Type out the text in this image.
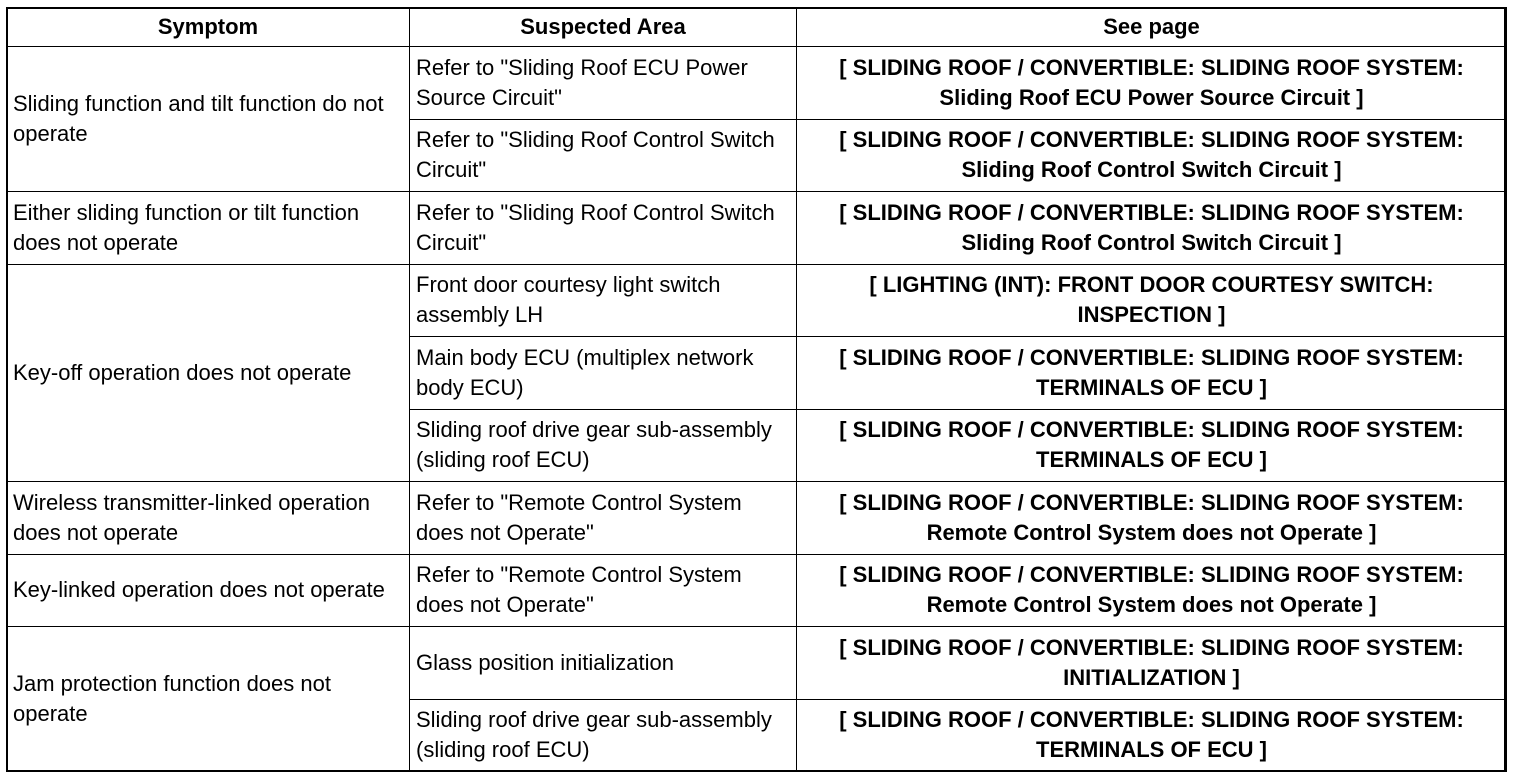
Symptom	Suspected Area	See page
Sliding function and tilt function do not operate	Refer to "Sliding Roof ECU Power Source Circuit"	[ SLIDING ROOF / CONVERTIBLE: SLIDING ROOF SYSTEM: Sliding Roof ECU Power Source Circuit ]
	Refer to "Sliding Roof Control Switch Circuit"	[ SLIDING ROOF / CONVERTIBLE: SLIDING ROOF SYSTEM: Sliding Roof Control Switch Circuit ]
Either sliding function or tilt function does not operate	Refer to "Sliding Roof Control Switch Circuit"	[ SLIDING ROOF / CONVERTIBLE: SLIDING ROOF SYSTEM: Sliding Roof Control Switch Circuit ]
Key-off operation does not operate	Front door courtesy light switch assembly LH	[ LIGHTING (INT): FRONT DOOR COURTESY SWITCH: INSPECTION ]
	Main body ECU (multiplex network body ECU)	[ SLIDING ROOF / CONVERTIBLE: SLIDING ROOF SYSTEM: TERMINALS OF ECU ]
	Sliding roof drive gear sub-assembly (sliding roof ECU)	[ SLIDING ROOF / CONVERTIBLE: SLIDING ROOF SYSTEM: TERMINALS OF ECU ]
Wireless transmitter-linked operation does not operate	Refer to "Remote Control System does not Operate"	[ SLIDING ROOF / CONVERTIBLE: SLIDING ROOF SYSTEM: Remote Control System does not Operate ]
Key-linked operation does not operate	Refer to "Remote Control System does not Operate"	[ SLIDING ROOF / CONVERTIBLE: SLIDING ROOF SYSTEM: Remote Control System does not Operate ]
Jam protection function does not operate	Glass position initialization	[ SLIDING ROOF / CONVERTIBLE: SLIDING ROOF SYSTEM: INITIALIZATION ]
	Sliding roof drive gear sub-assembly (sliding roof ECU)	[ SLIDING ROOF / CONVERTIBLE: SLIDING ROOF SYSTEM: TERMINALS OF ECU ]
